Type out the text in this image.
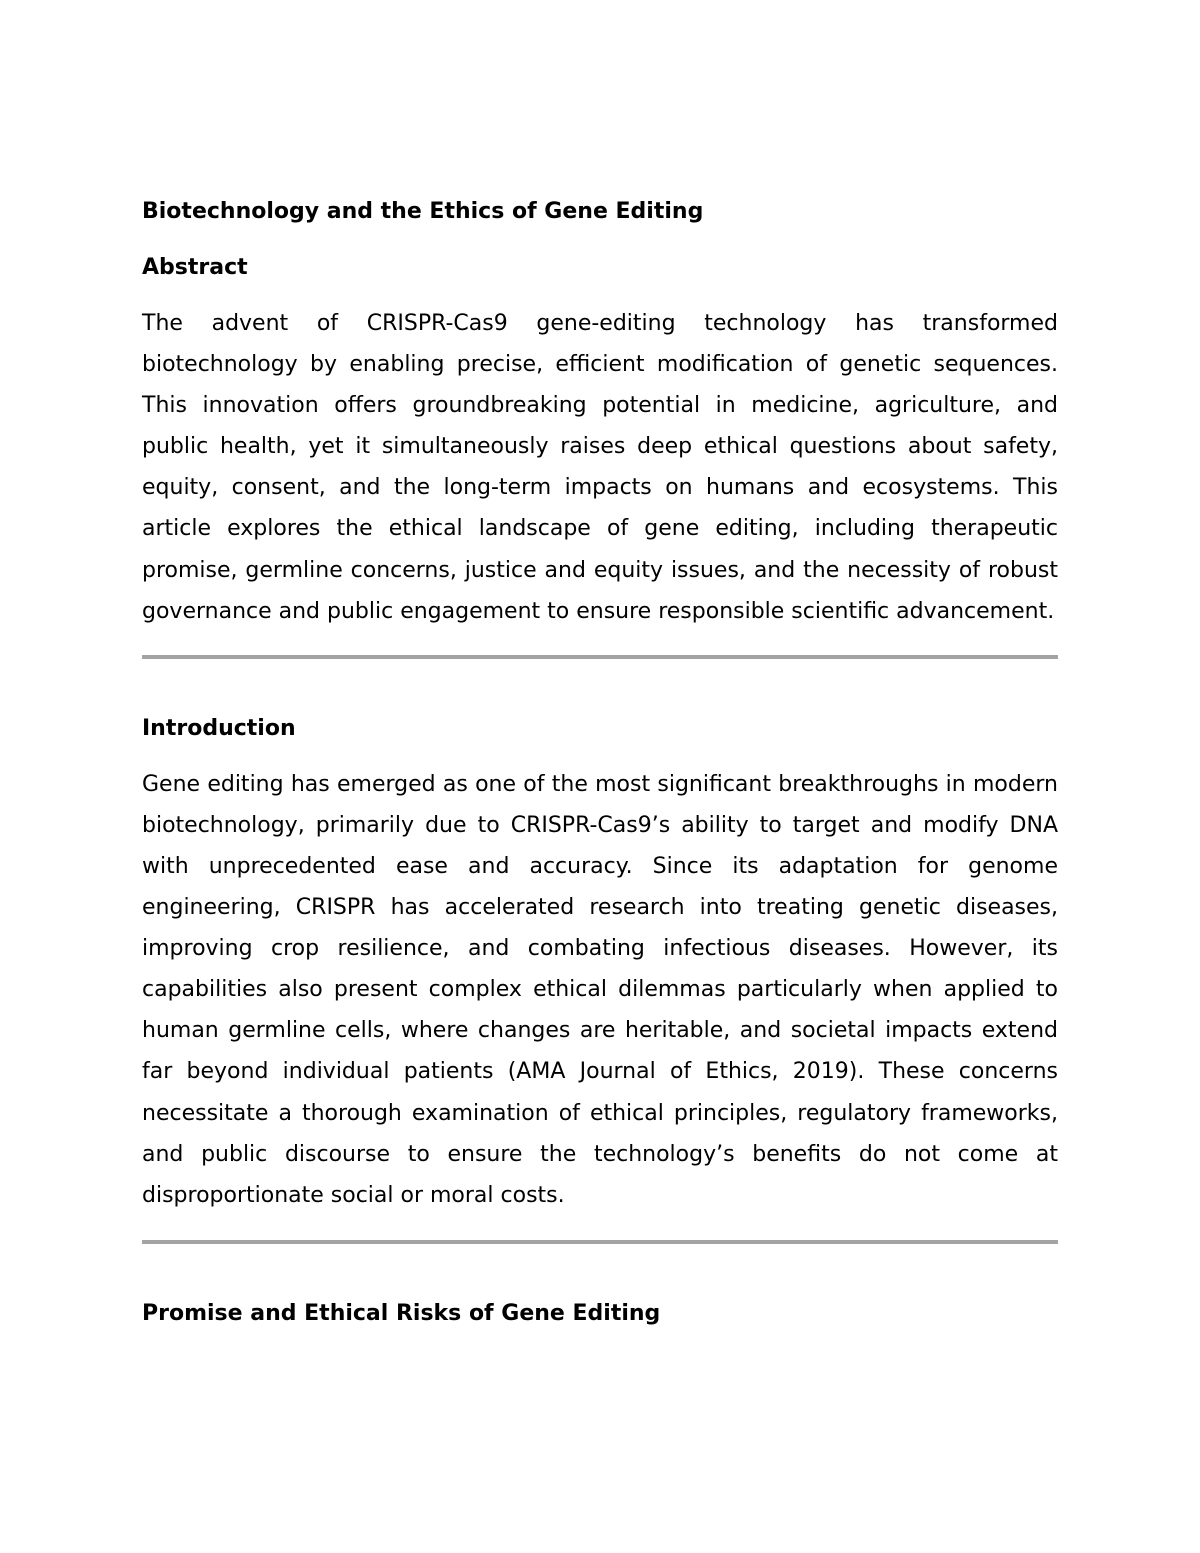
Biotechnology and the Ethics of Gene Editing
Abstract

The advent of CRISPR-Cas9 gene-editing technology has transformed biotechnology by enabling precise, efficient modification of genetic sequences. This innovation offers groundbreaking potential in medicine, agriculture, and public health, yet it simultaneously raises deep ethical questions about safety, equity, consent, and the long-term impacts on humans and ecosystems. This article explores the ethical landscape of gene editing, including therapeutic promise, germline concerns, justice and equity issues, and the necessity of robust governance and public engagement to ensure responsible scientific advancement.

Introduction

Gene editing has emerged as one of the most significant breakthroughs in modern biotechnology, primarily due to CRISPR-Cas9’s ability to target and modify DNA with unprecedented ease and accuracy. Since its adaptation for genome engineering, CRISPR has accelerated research into treating genetic diseases, improving crop resilience, and combating infectious diseases. However, its capabilities also present complex ethical dilemmas particularly when applied to human germline cells, where changes are heritable, and societal impacts extend far beyond individual patients (AMA Journal of Ethics, 2019). These concerns necessitate a thorough examination of ethical principles, regulatory frameworks, and public discourse to ensure the technology’s benefits do not come at disproportionate social or moral costs.

Promise and Ethical Risks of Gene Editing
